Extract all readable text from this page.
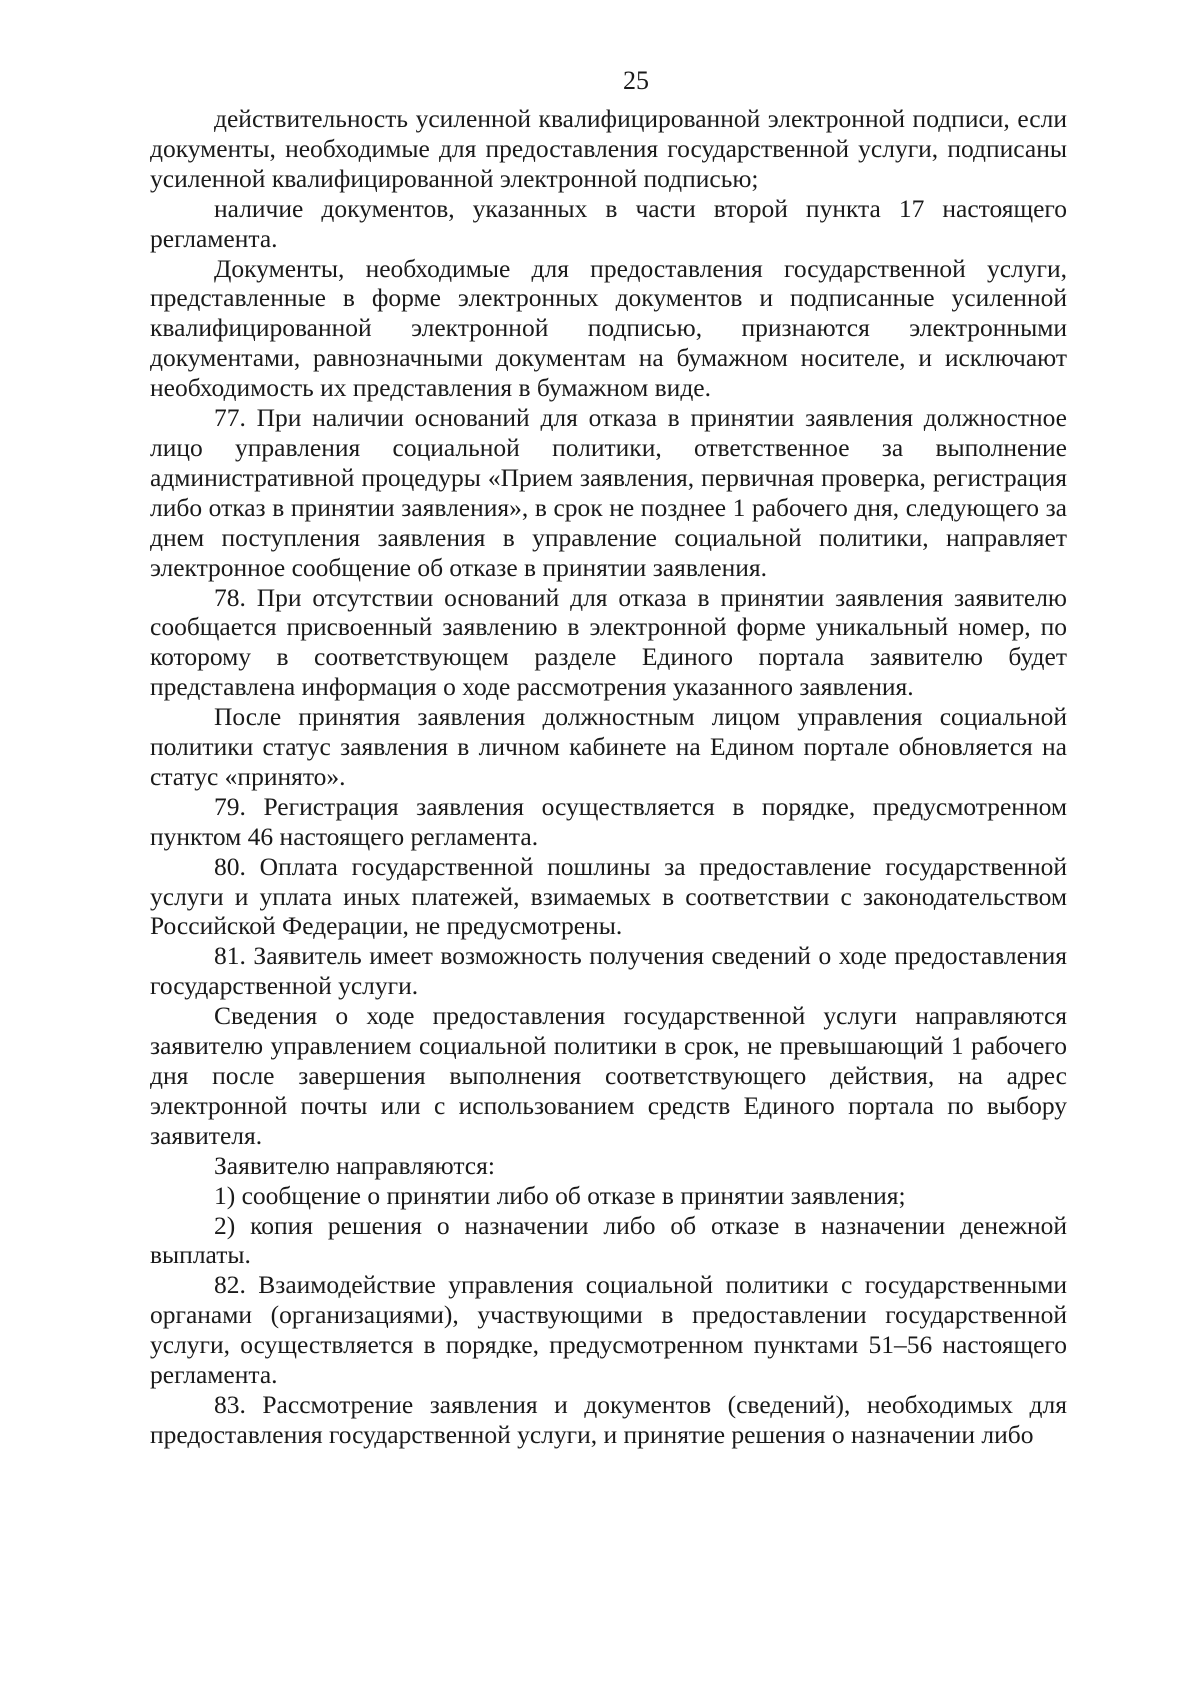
25

действительность усиленной квалифицированной электронной подписи, если документы, необходимые для предоставления государственной услуги, подписаны усиленной квалифицированной электронной подписью;

наличие документов, указанных в части второй пункта 17 настоящего регламента.

Документы, необходимые для предоставления государственной услуги, представленные в форме электронных документов и подписанные усиленной квалифицированной электронной подписью, признаются электронными документами, равнозначными документам на бумажном носителе, и исключают необходимость их представления в бумажном виде.

77. При наличии оснований для отказа в принятии заявления должностное лицо управления социальной политики, ответственное за выполнение административной процедуры «Прием заявления, первичная проверка, регистрация либо отказ в принятии заявления», в срок не позднее 1 рабочего дня, следующего за днем поступления заявления в управление социальной политики, направляет электронное сообщение об отказе в принятии заявления.

78. При отсутствии оснований для отказа в принятии заявления заявителю сообщается присвоенный заявлению в электронной форме уникальный номер, по которому в соответствующем разделе Единого портала заявителю будет представлена информация о ходе рассмотрения указанного заявления.

После принятия заявления должностным лицом управления социальной политики статус заявления в личном кабинете на Едином портале обновляется на статус «принято».

79. Регистрация заявления осуществляется в порядке, предусмотренном пунктом 46 настоящего регламента.

80. Оплата государственной пошлины за предоставление государственной услуги и уплата иных платежей, взимаемых в соответствии с законодательством Российской Федерации, не предусмотрены.

81. Заявитель имеет возможность получения сведений о ходе предоставления государственной услуги.

Сведения о ходе предоставления государственной услуги направляются заявителю управлением социальной политики в срок, не превышающий 1 рабочего дня после завершения выполнения соответствующего действия, на адрес электронной почты или с использованием средств Единого портала по выбору заявителя.

Заявителю направляются:

1) сообщение о принятии либо об отказе в принятии заявления;

2) копия решения о назначении либо об отказе в назначении денежной выплаты.

82. Взаимодействие управления социальной политики с государственными органами (организациями), участвующими в предоставлении государственной услуги, осуществляется в порядке, предусмотренном пунктами 51–56 настоящего регламента.

83. Рассмотрение заявления и документов (сведений), необходимых для предоставления государственной услуги, и принятие решения о назначении либо
